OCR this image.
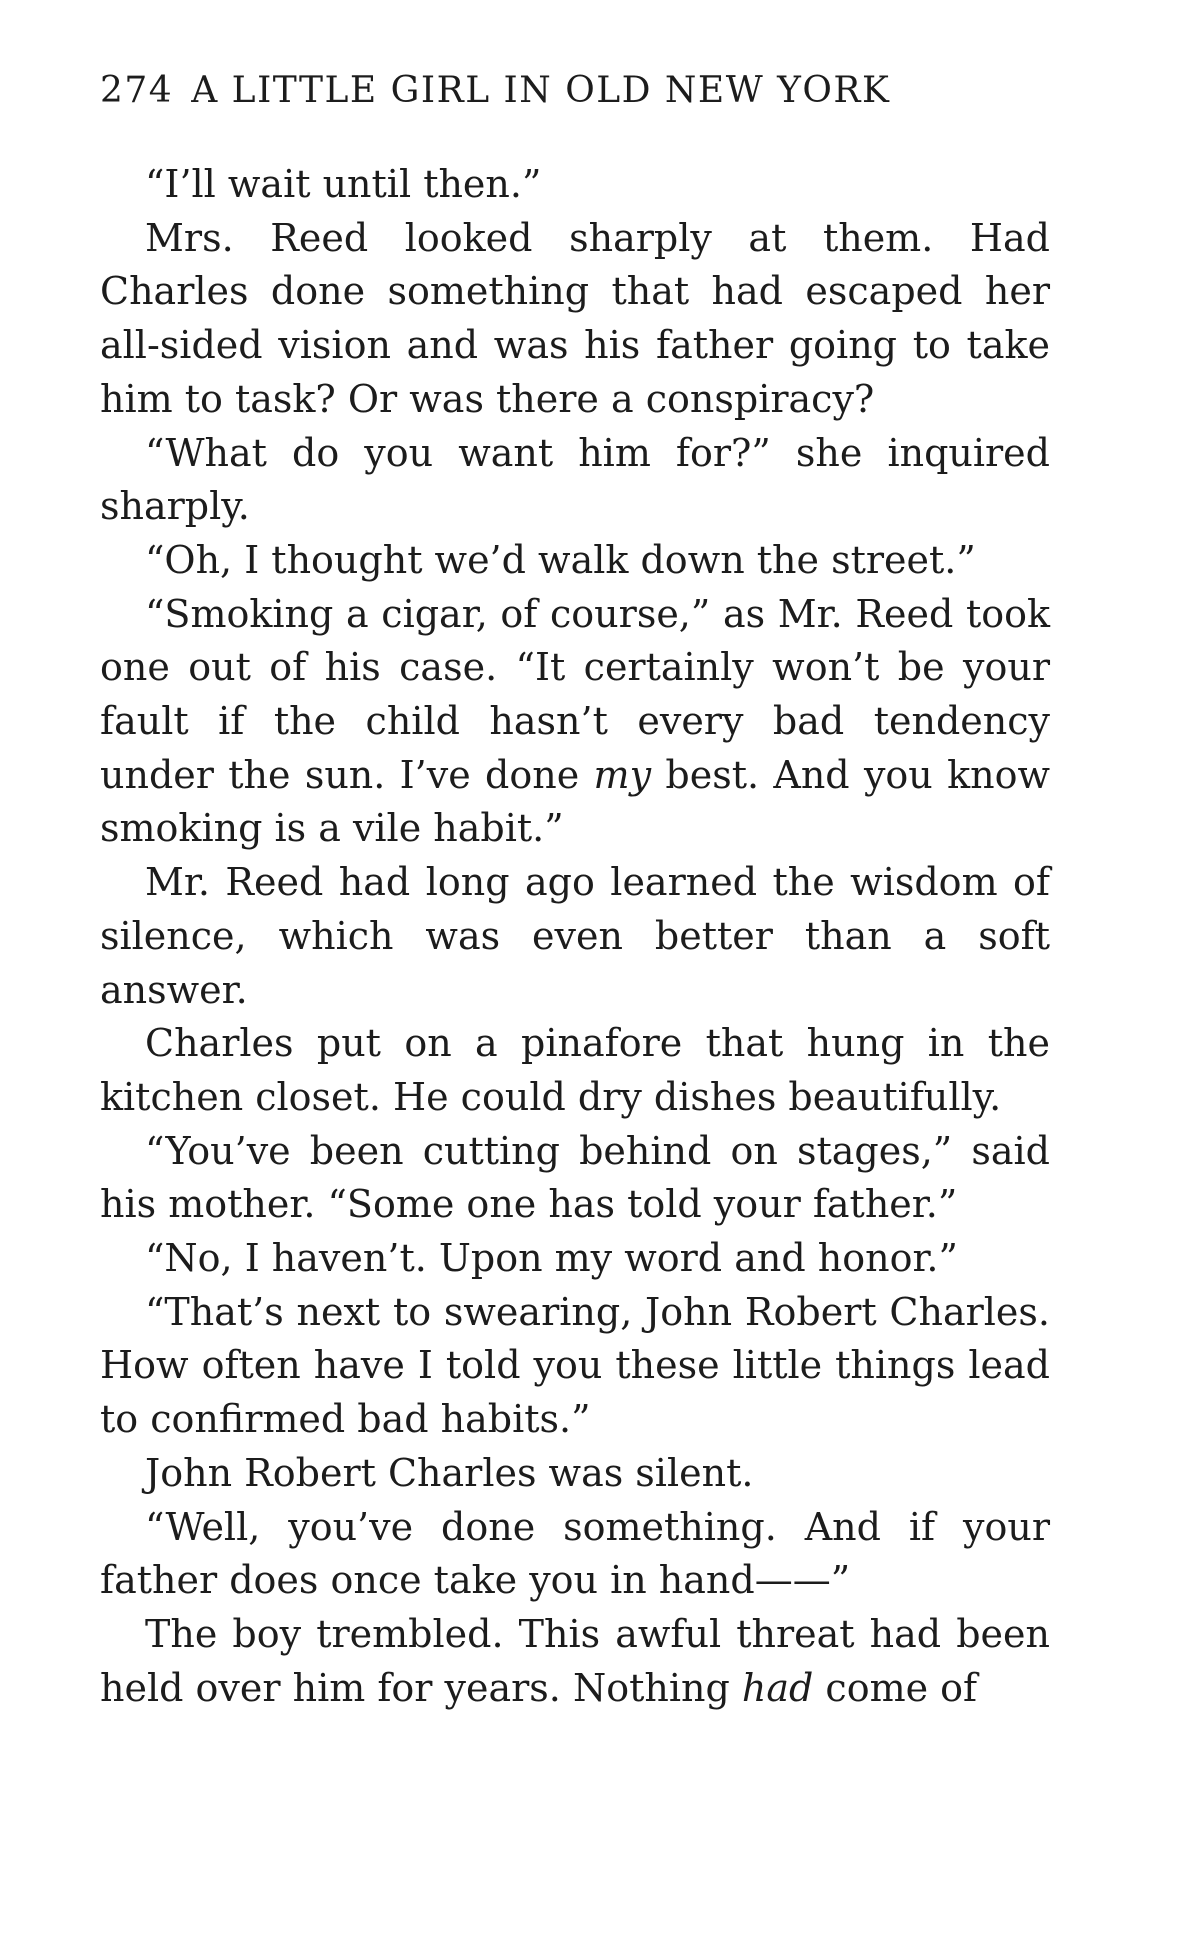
274 A LITTLE GIRL IN OLD NEW YORK

“I’ll wait until then.”

Mrs. Reed looked sharply at them. Had Charles done something that had escaped her all-sided vision and was his father going to take him to task? Or was there a conspiracy?

“What do you want him for?” she inquired sharply.

“Oh, I thought we’d walk down the street.”

“Smoking a cigar, of course,” as Mr. Reed took one out of his case. “It certainly won’t be your fault if the child hasn’t every bad tendency under the sun. I’ve done my best. And you know smoking is a vile habit.”

Mr. Reed had long ago learned the wisdom of silence, which was even better than a soft answer.

Charles put on a pinafore that hung in the kitchen closet. He could dry dishes beautifully.

“You’ve been cutting behind on stages,” said his mother. “Some one has told your father.”

“No, I haven’t. Upon my word and honor.”

“That’s next to swearing, John Robert Charles. How often have I told you these little things lead to confirmed bad habits.”

John Robert Charles was silent.

“Well, you’ve done something. And if your father does once take you in hand——”

The boy trembled. This awful threat had been held over him for years. Nothing had come of
